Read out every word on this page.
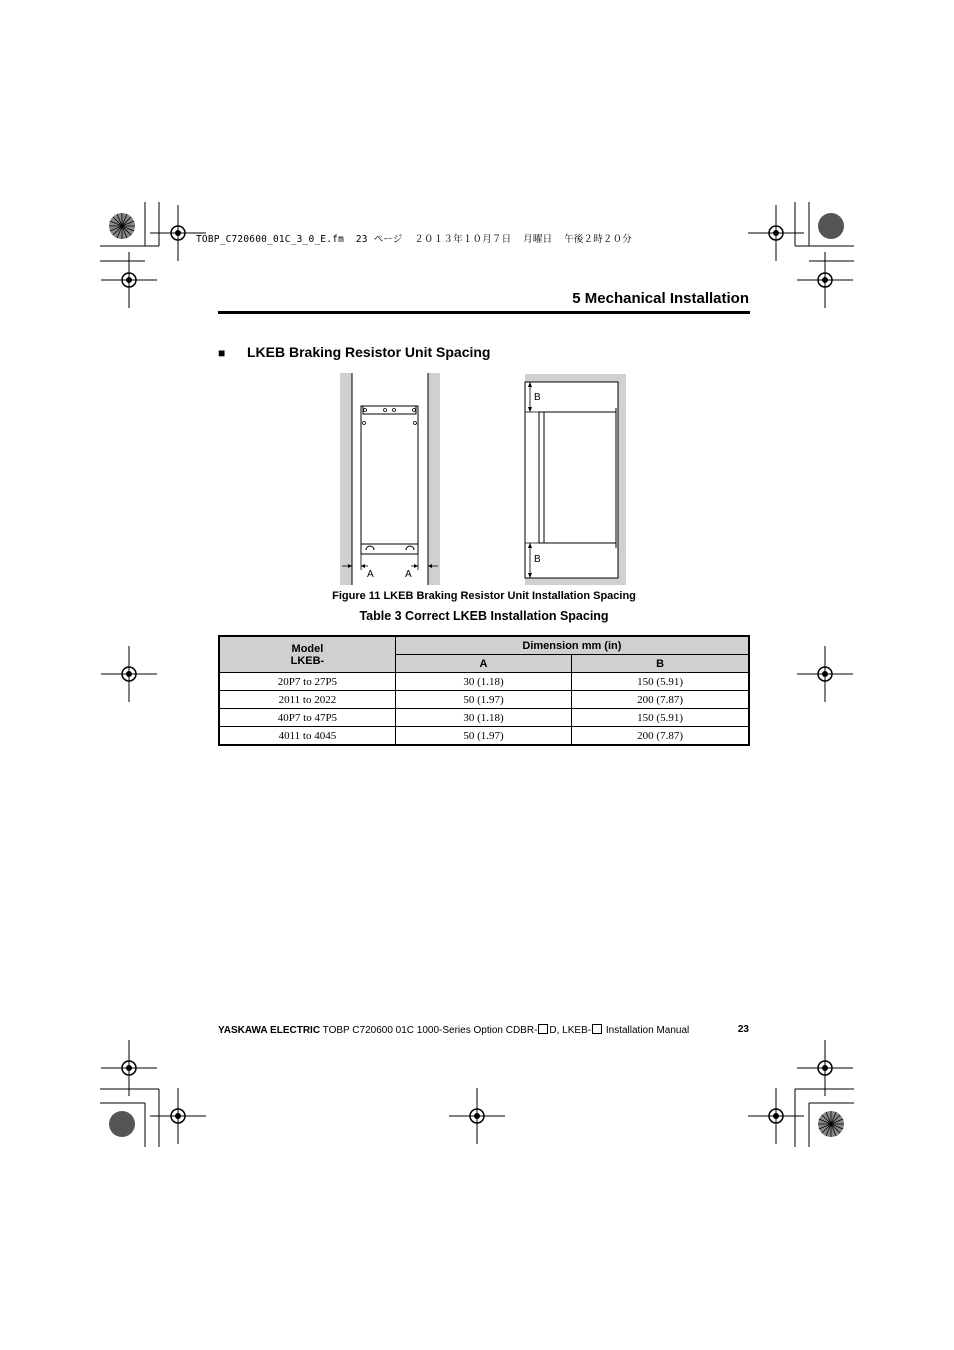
TOBP_C720600_01C_3_0_E.fm  23 ページ  ２０１３年１０月７日  月曜日  午後２時２０分
5 Mechanical Installation
■ LKEB Braking Resistor Unit Spacing
A	A
B
B
Figure 11 LKEB Braking Resistor Unit Installation Spacing
Table 3 Correct LKEB Installation Spacing
Model
LKEB-	Dimension mm (in)	
	A	B
20P7 to 27P5	30 (1.18)	150 (5.91)
2011 to 2022	50 (1.97)	200 (7.87)
40P7 to 47P5	30 (1.18)	150 (5.91)
4011 to 4045	50 (1.97)	200 (7.87)
YASKAWA ELECTRIC TOBP C720600 01C 1000-Series Option CDBR- D, LKEB- Installation Manual	23
